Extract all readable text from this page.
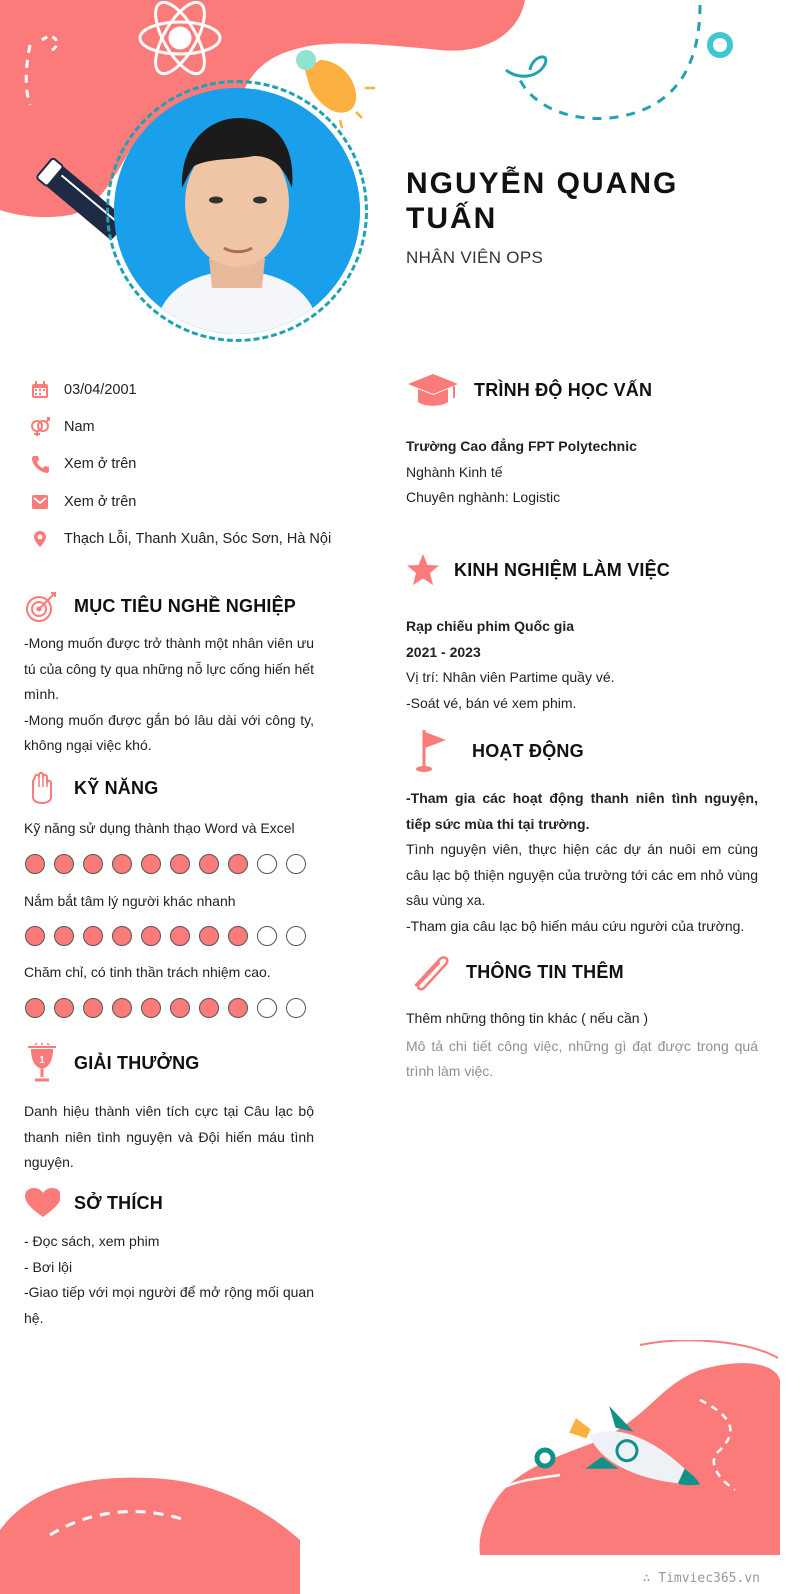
NGUYỄN QUANG TUẤN
NHÂN VIÊN OPS
03/04/2001
Nam
Xem ở trên
Xem ở trên
Thạch Lỗi, Thanh Xuân, Sóc Sơn, Hà Nội
MỤC TIÊU NGHỀ NGHIỆP
-Mong muốn được trở thành một nhân viên ưu tú của công ty qua những nỗ lực cống hiến hết mình.
-Mong muốn được gắn bó lâu dài với công ty, không ngại việc khó.
KỸ NĂNG
Kỹ năng sử dụng thành thạo Word và Excel
Nắm bắt tâm lý người khác nhanh
Chăm chỉ, có tinh thần trách nhiệm cao.
1 GIẢI THƯỞNG
Danh hiệu thành viên tích cực tại Câu lạc bộ thanh niên tình nguyện và Đội hiến máu tình nguyện.
SỞ THÍCH
- Đọc sách, xem phim
- Bơi lội
-Giao tiếp với mọi người để mở rộng mối quan hệ.
TRÌNH ĐỘ HỌC VẤN
Trường Cao đẳng FPT Polytechnic
Nghành Kinh tế
Chuyên nghành: Logistic
KINH NGHIỆM LÀM VIỆC
Rạp chiếu phim Quốc gia
2021 - 2023
Vị trí: Nhân viên Partime quầy vé.
-Soát vé, bán vé xem phim.
HOẠT ĐỘNG
-Tham gia các hoạt động thanh niên tình nguyện, tiếp sức mùa thi tại trường.
Tình nguyện viên, thực hiện các dự án nuôi em cùng câu lạc bộ thiện nguyện của trường tới các em nhỏ vùng sâu vùng xa.
-Tham gia câu lạc bộ hiến máu cứu người của trường.
THÔNG TIN THÊM
Thêm những thông tin khác ( nếu cần )
Mô tả chi tiết công việc, những gì đạt được trong quá trình làm việc.
∴ Timviec365.vn
